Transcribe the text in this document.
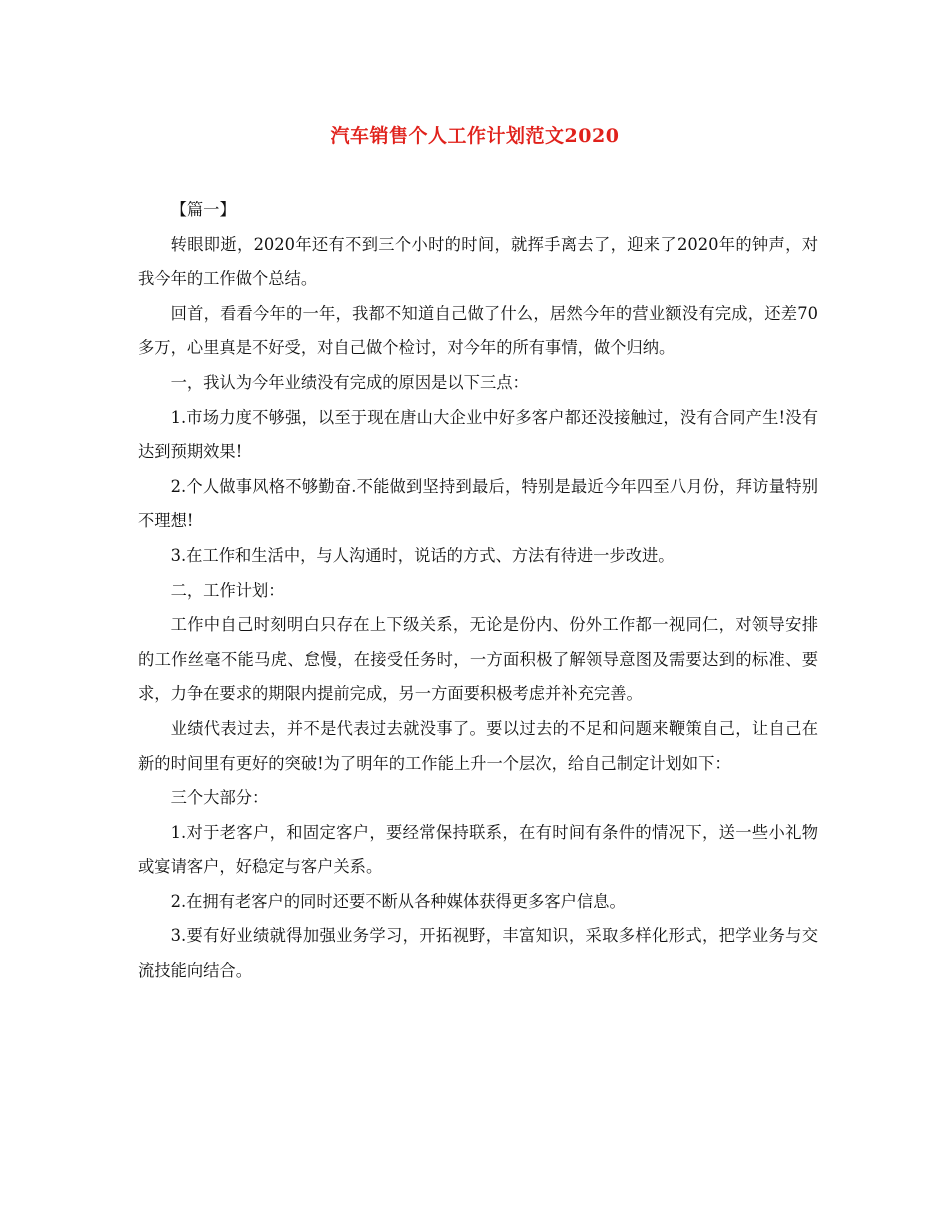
汽车销售个人工作计划范文2020

【篇一】

转眼即逝，2020年还有不到三个小时的时间，就挥手离去了，迎来了2020年的钟声，对我今年的工作做个总结。

回首，看看今年的一年，我都不知道自己做了什么，居然今年的营业额没有完成，还差70多万，心里真是不好受，对自己做个检讨，对今年的所有事情，做个归纳。

一，我认为今年业绩没有完成的原因是以下三点：

1.市场力度不够强，以至于现在唐山大企业中好多客户都还没接触过，没有合同产生!没有达到预期效果!

2.个人做事风格不够勤奋.不能做到坚持到最后，特别是最近今年四至八月份，拜访量特别不理想!

3.在工作和生活中，与人沟通时，说话的方式、方法有待进一步改进。

二，工作计划：

工作中自己时刻明白只存在上下级关系，无论是份内、份外工作都一视同仁，对领导安排的工作丝毫不能马虎、怠慢，在接受任务时，一方面积极了解领导意图及需要达到的标准、要求，力争在要求的期限内提前完成，另一方面要积极考虑并补充完善。

业绩代表过去，并不是代表过去就没事了。要以过去的不足和问题来鞭策自己，让自己在新的时间里有更好的突破!为了明年的工作能上升一个层次，给自己制定计划如下：

三个大部分：

1.对于老客户，和固定客户，要经常保持联系，在有时间有条件的情况下，送一些小礼物或宴请客户，好稳定与客户关系。

2.在拥有老客户的同时还要不断从各种媒体获得更多客户信息。

3.要有好业绩就得加强业务学习，开拓视野，丰富知识，采取多样化形式，把学业务与交流技能向结合。
